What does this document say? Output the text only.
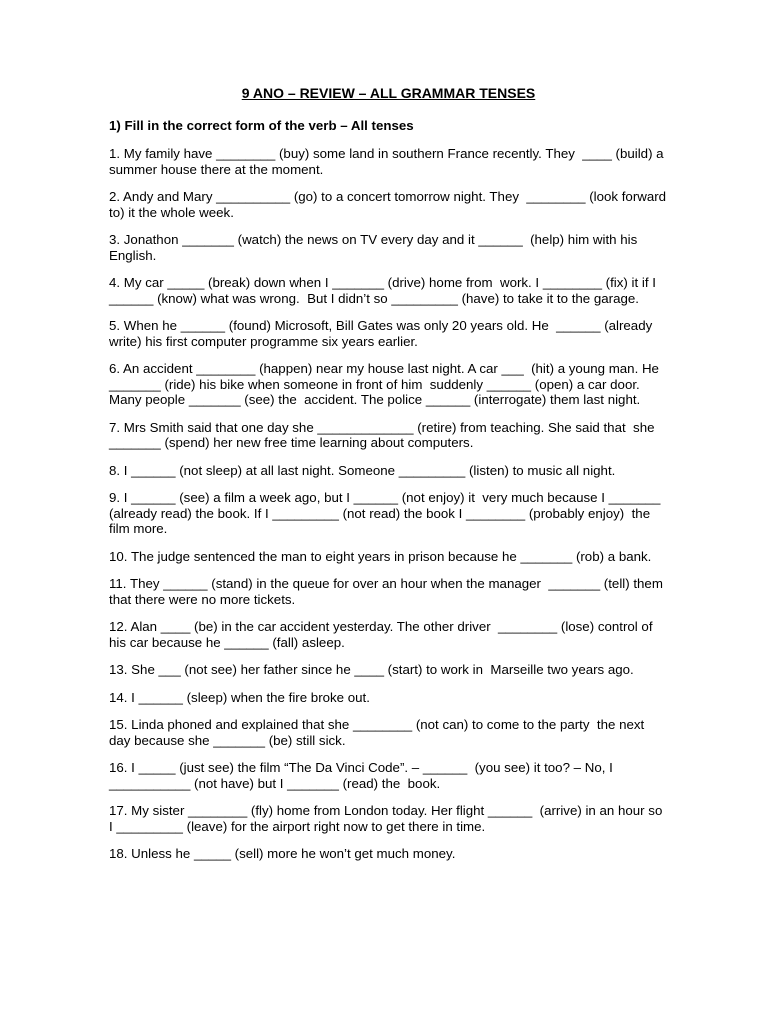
9 ANO – REVIEW – ALL GRAMMAR TENSES
1) Fill in the correct form of the verb – All tenses
1. My family have ________ (buy) some land in southern France recently. They  ____ (build) a summer house there at the moment.
2. Andy and Mary __________ (go) to a concert tomorrow night. They  ________ (look forward to) it the whole week.
3. Jonathon _______ (watch) the news on TV every day and it ______  (help) him with his English.
4. My car _____ (break) down when I _______ (drive) home from  work. I ________ (fix) it if I ______ (know) what was wrong.  But I didn’t so _________ (have) to take it to the garage.
5. When he ______ (found) Microsoft, Bill Gates was only 20 years old. He  ______ (already write) his first computer programme six years earlier.
6. An accident ________ (happen) near my house last night. A car ___  (hit) a young man. He _______ (ride) his bike when someone in front of him  suddenly ______ (open) a car door. Many people _______ (see) the  accident. The police ______ (interrogate) them last night.
7. Mrs Smith said that one day she _____________ (retire) from teaching. She said that  she _______ (spend) her new free time learning about computers.
8. I ______ (not sleep) at all last night. Someone _________ (listen) to music all night.
9. I ______ (see) a film a week ago, but I ______ (not enjoy) it  very much because I _______ (already read) the book. If I _________ (not read) the book I ________ (probably enjoy)  the film more.
10. The judge sentenced the man to eight years in prison because he _______ (rob) a bank.
11. They ______ (stand) in the queue for over an hour when the manager  _______ (tell) them that there were no more tickets.
12. Alan ____ (be) in the car accident yesterday. The other driver  ________ (lose) control of his car because he ______ (fall) asleep.
13. She ___ (not see) her father since he ____ (start) to work in  Marseille two years ago.
14. I ______ (sleep) when the fire broke out.
15. Linda phoned and explained that she ________ (not can) to come to the party  the next day because she _______ (be) still sick.
16. I _____ (just see) the film “The Da Vinci Code”. – ______  (you see) it too? – No, I ___________ (not have) but I _______ (read) the  book.
17. My sister ________ (fly) home from London today. Her flight ______  (arrive) in an hour so I _________ (leave) for the airport right now to get there in time.
18. Unless he _____ (sell) more he won’t get much money.
